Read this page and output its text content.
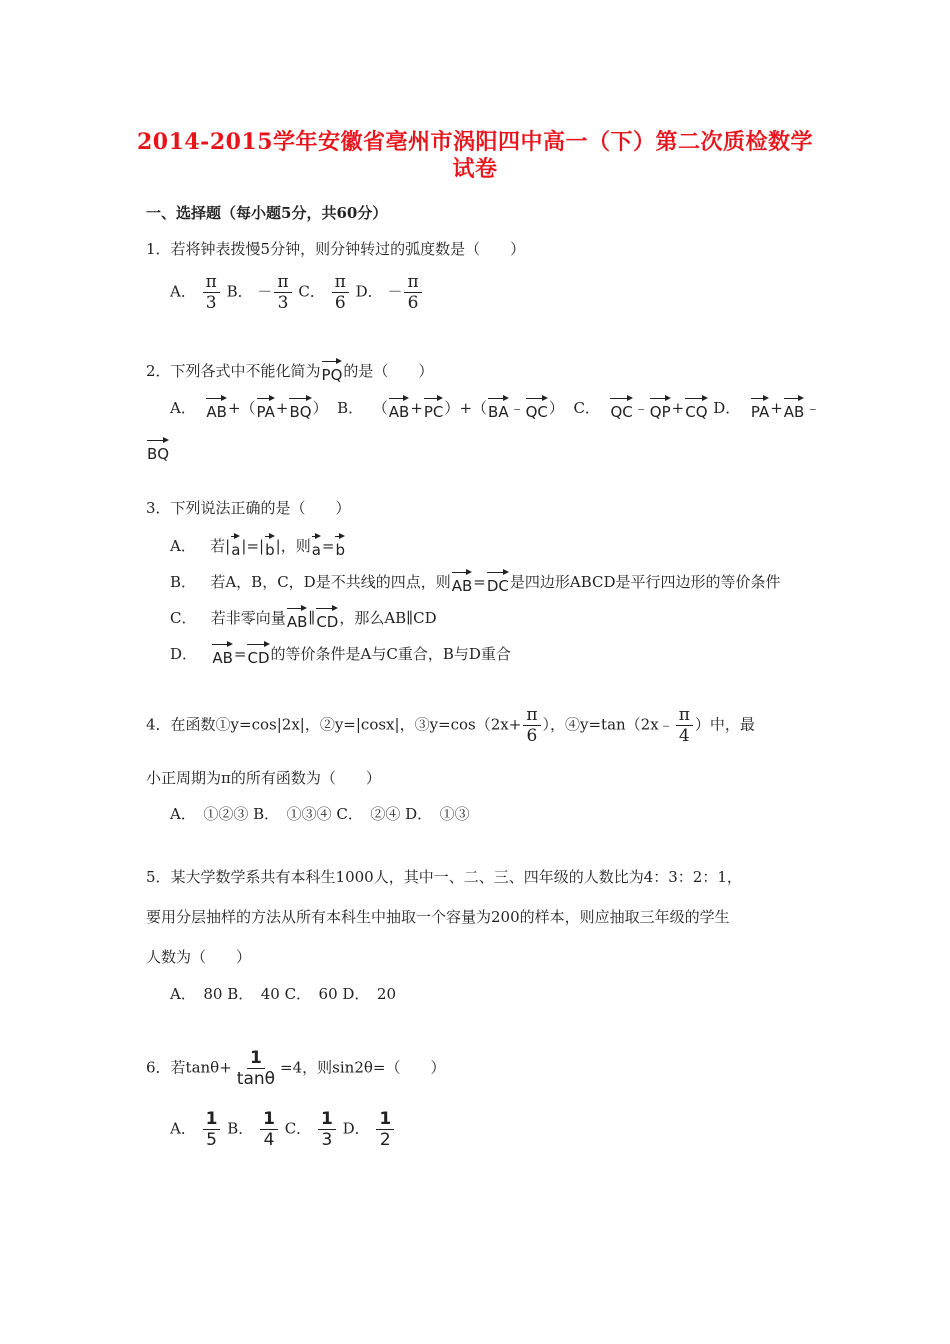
2014-2015学年安徽省亳州市涡阳四中高一（下）第二次质检数学
试卷
一、选择题（每小题5分，共60分）
1．若将钟表拨慢5分钟，则分钟转过的弧度数是（　　）
A． $\frac{\pi}{3}$ B． － $\frac{\pi}{3}$ C． $\frac{\pi}{6}$ D． － $\frac{\pi}{6}$
2．下列各式中不能化简为PQ的是（　　）
A． AB+（PA+BQ） B． （AB+PC）+（BA﹣QC） C． QC﹣QP+CQ D． PA+AB﹣
BQ
3．下列说法正确的是（　　）
A． 若|a|=|b|，则a=b
B． 若A，B，C，D是不共线的四点，则AB=DC是四边形ABCD是平行四边形的等价条件
C． 若非零向量AB∥CD，那么AB∥CD
D． AB=CD的等价条件是A与C重合，B与D重合
4．在函数①y=cos|2x|，②y=|cosx|，③y=cos（2x+ $\frac{\pi}{6}$ ），④y=tan（2x﹣ $\frac{\pi}{4}$ ）中，最
小正周期为π的所有函数为（　　）
A．　①②③ B．　①③④ C．　②④ D．　①③
5．某大学数学系共有本科生1000人，其中一、二、三、四年级的人数比为4：3：2：1，
要用分层抽样的方法从所有本科生中抽取一个容量为200的样本，则应抽取三年级的学生
人数为（　　）
A．　80 B．　40 C．　60 D．　20
6．若$\tan\theta+ \frac{1}{\tan\theta} =4$，则sin2θ=（　　）
A． $\frac{1}{5}$ B． $\frac{1}{4}$ C． $\frac{1}{3}$ D． $\frac{1}{2}$
